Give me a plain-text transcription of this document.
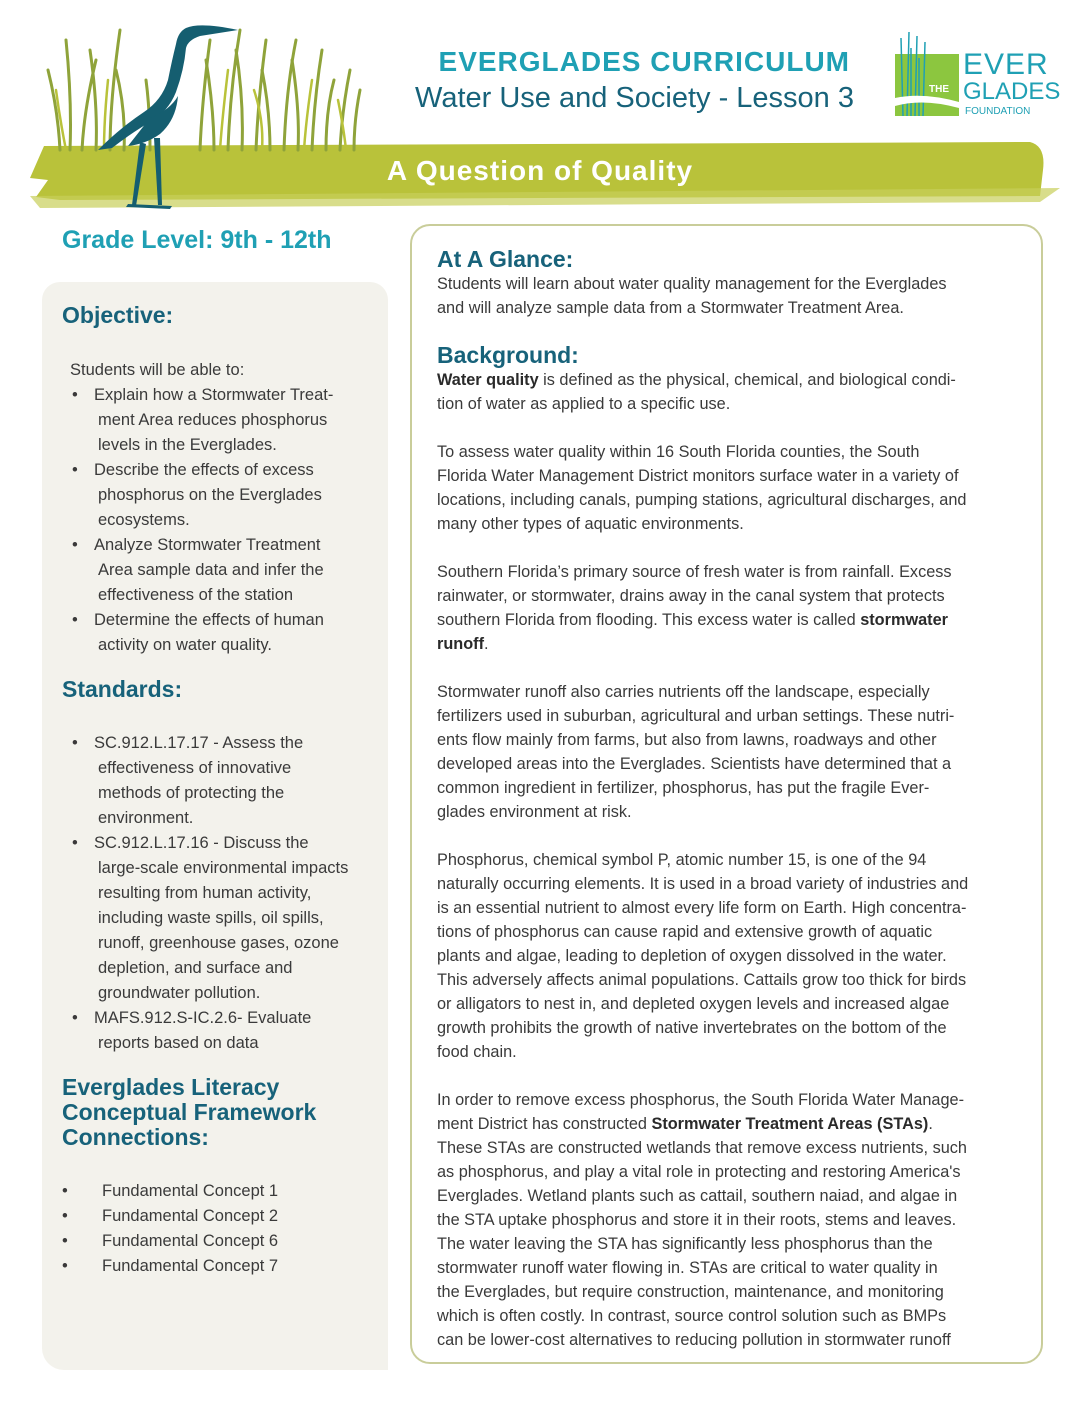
EVERGLADES CURRICULUM
Water Use and Society - Lesson 3
A Question of Quality
THE
EVER
GLADES
FOUNDATION
Grade Level: 9th - 12th
Objective:
Students will be able to:
• Explain how a Stormwater Treat-
ment Area reduces phosphorus
levels in the Everglades.
• Describe the effects of excess
phosphorus on the Everglades
ecosystems.
• Analyze Stormwater Treatment
Area sample data and infer the
effectiveness of the station
• Determine the effects of human
activity on water quality.
Standards:
• SC.912.L.17.17 - Assess the
effectiveness of innovative
methods of protecting the
environment.
• SC.912.L.17.16 - Discuss the
large-scale environmental impacts
resulting from human activity,
including waste spills, oil spills,
runoff, greenhouse gases, ozone
depletion, and surface and
groundwater pollution.
• MAFS.912.S-IC.2.6- Evaluate
reports based on data
Everglades Literacy
Conceptual Framework
Connections:
• Fundamental Concept 1
• Fundamental Concept 2
• Fundamental Concept 6
• Fundamental Concept 7
At A Glance:

Students will learn about water quality management for the Everglades
and will analyze sample data from a Stormwater Treatment Area.

Background:

Water quality is defined as the physical, chemical, and biological condi-
tion of water as applied to a specific use.

To assess water quality within 16 South Florida counties, the South
Florida Water Management District monitors surface water in a variety of
locations, including canals, pumping stations, agricultural discharges, and
many other types of aquatic environments.

Southern Florida’s primary source of fresh water is from rainfall. Excess
rainwater, or stormwater, drains away in the canal system that protects
southern Florida from flooding. This excess water is called stormwater
runoff.

Stormwater runoff also carries nutrients off the landscape, especially
fertilizers used in suburban, agricultural and urban settings. These nutri-
ents flow mainly from farms, but also from lawns, roadways and other
developed areas into the Everglades. Scientists have determined that a
common ingredient in fertilizer, phosphorus, has put the fragile Ever-
glades environment at risk.

Phosphorus, chemical symbol P, atomic number 15, is one of the 94
naturally occurring elements. It is used in a broad variety of industries and
is an essential nutrient to almost every life form on Earth. High concentra-
tions of phosphorus can cause rapid and extensive growth of aquatic
plants and algae, leading to depletion of oxygen dissolved in the water.
This adversely affects animal populations. Cattails grow too thick for birds
or alligators to nest in, and depleted oxygen levels and increased algae
growth prohibits the growth of native invertebrates on the bottom of the
food chain.

In order to remove excess phosphorus, the South Florida Water Manage-
ment District has constructed Stormwater Treatment Areas (STAs).
These STAs are constructed wetlands that remove excess nutrients, such
as phosphorus, and play a vital role in protecting and restoring America's
Everglades. Wetland plants such as cattail, southern naiad, and algae in
the STA uptake phosphorus and store it in their roots, stems and leaves.
The water leaving the STA has significantly less phosphorus than the
stormwater runoff water flowing in. STAs are critical to water quality in
the Everglades, but require construction, maintenance, and monitoring
which is often costly. In contrast, source control solution such as BMPs
can be lower-cost alternatives to reducing pollution in stormwater runoff
